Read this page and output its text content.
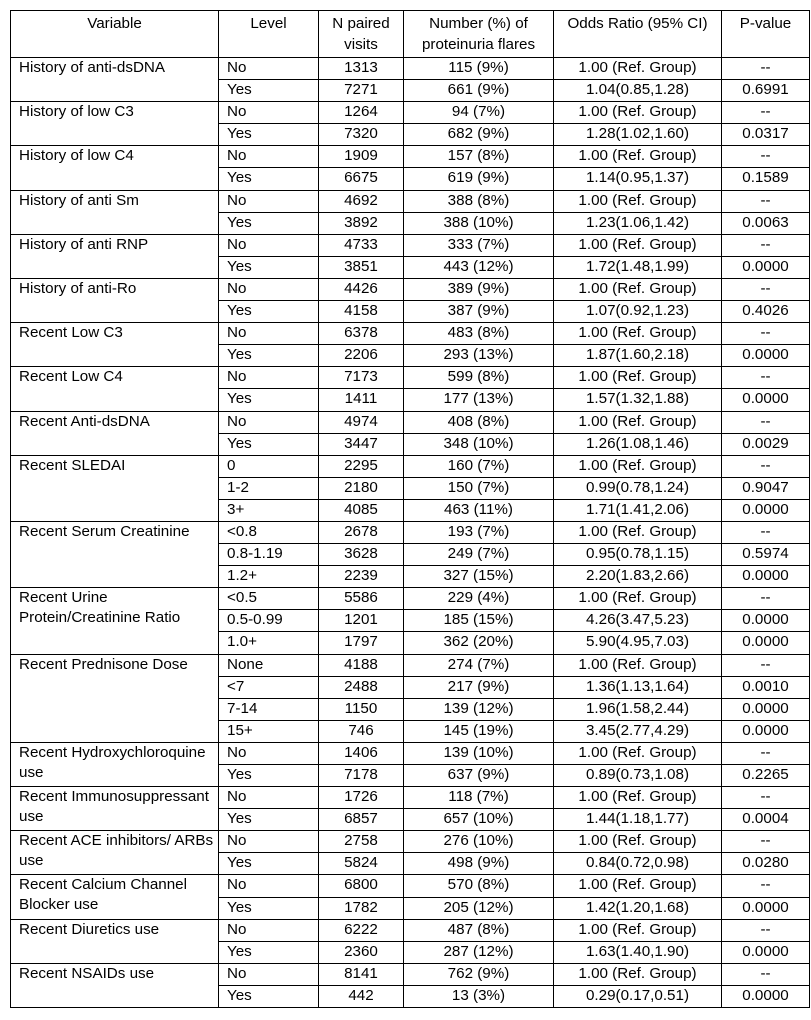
Variable	Level	N paired visits	Number (%) of proteinuria flares	Odds Ratio (95% CI)	P-value
History of anti-dsDNA	No	1313	115 (9%)	1.00 (Ref. Group)	--
	Yes	7271	661 (9%)	1.04(0.85,1.28)	0.6991
History of low C3	No	1264	94 (7%)	1.00 (Ref. Group)	--
	Yes	7320	682 (9%)	1.28(1.02,1.60)	0.0317
History of low C4	No	1909	157 (8%)	1.00 (Ref. Group)	--
	Yes	6675	619 (9%)	1.14(0.95,1.37)	0.1589
History of anti Sm	No	4692	388 (8%)	1.00 (Ref. Group)	--
	Yes	3892	388 (10%)	1.23(1.06,1.42)	0.0063
History of anti RNP	No	4733	333 (7%)	1.00 (Ref. Group)	--
	Yes	3851	443 (12%)	1.72(1.48,1.99)	0.0000
History of anti-Ro	No	4426	389 (9%)	1.00 (Ref. Group)	--
	Yes	4158	387 (9%)	1.07(0.92,1.23)	0.4026
Recent Low C3	No	6378	483 (8%)	1.00 (Ref. Group)	--
	Yes	2206	293 (13%)	1.87(1.60,2.18)	0.0000
Recent Low C4	No	7173	599 (8%)	1.00 (Ref. Group)	--
	Yes	1411	177 (13%)	1.57(1.32,1.88)	0.0000
Recent Anti-dsDNA	No	4974	408 (8%)	1.00 (Ref. Group)	--
	Yes	3447	348 (10%)	1.26(1.08,1.46)	0.0029
Recent SLEDAI	0	2295	160 (7%)	1.00 (Ref. Group)	--
	1-2	2180	150 (7%)	0.99(0.78,1.24)	0.9047
	3+	4085	463 (11%)	1.71(1.41,2.06)	0.0000
Recent Serum Creatinine	<0.8	2678	193 (7%)	1.00 (Ref. Group)	--
	0.8-1.19	3628	249 (7%)	0.95(0.78,1.15)	0.5974
	1.2+	2239	327 (15%)	2.20(1.83,2.66)	0.0000
Recent Urine Protein/Creatinine Ratio	<0.5	5586	229 (4%)	1.00 (Ref. Group)	--
	0.5-0.99	1201	185 (15%)	4.26(3.47,5.23)	0.0000
	1.0+	1797	362 (20%)	5.90(4.95,7.03)	0.0000
Recent Prednisone Dose	None	4188	274 (7%)	1.00 (Ref. Group)	--
	<7	2488	217 (9%)	1.36(1.13,1.64)	0.0010
	7-14	1150	139 (12%)	1.96(1.58,2.44)	0.0000
	15+	746	145 (19%)	3.45(2.77,4.29)	0.0000
Recent Hydroxychloroquine use	No	1406	139 (10%)	1.00 (Ref. Group)	--
	Yes	7178	637 (9%)	0.89(0.73,1.08)	0.2265
Recent Immunosuppressant use	No	1726	118 (7%)	1.00 (Ref. Group)	--
	Yes	6857	657 (10%)	1.44(1.18,1.77)	0.0004
Recent ACE inhibitors/ ARBs use	No	2758	276 (10%)	1.00 (Ref. Group)	--
	Yes	5824	498 (9%)	0.84(0.72,0.98)	0.0280
Recent Calcium Channel Blocker use	No	6800	570 (8%)	1.00 (Ref. Group)	--
	Yes	1782	205 (12%)	1.42(1.20,1.68)	0.0000
Recent Diuretics use	No	6222	487 (8%)	1.00 (Ref. Group)	--
	Yes	2360	287 (12%)	1.63(1.40,1.90)	0.0000
Recent NSAIDs use	No	8141	762 (9%)	1.00 (Ref. Group)	--
	Yes	442	13 (3%)	0.29(0.17,0.51)	0.0000
